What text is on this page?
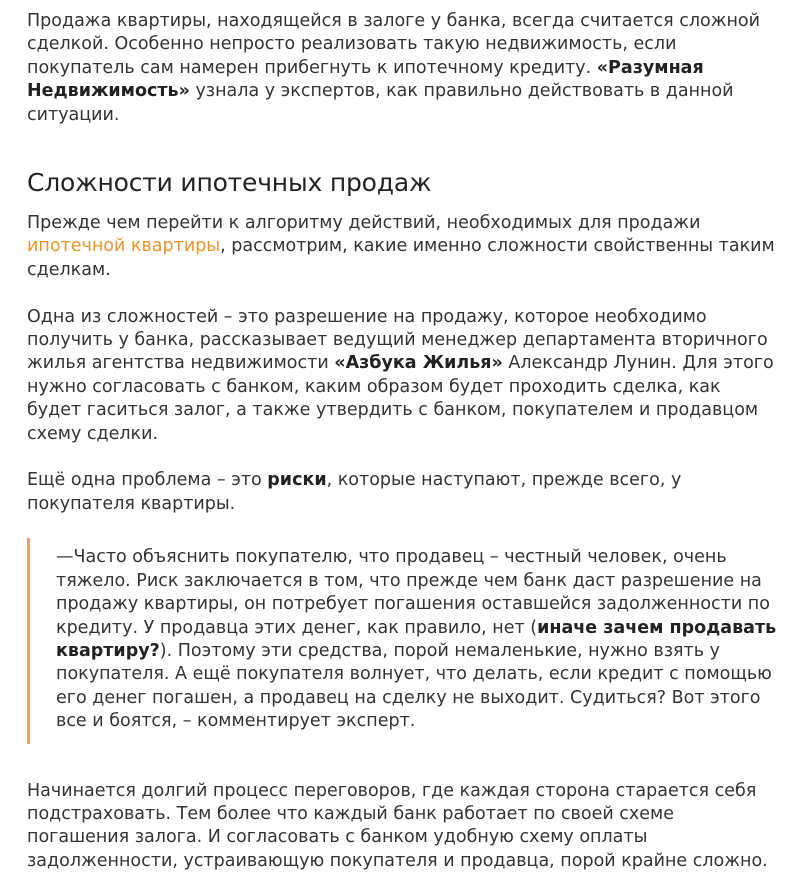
Продажа квартиры, находящейся в залоге у банка, всегда считается сложной сделкой. Особенно непросто реализовать такую недвижимость, если покупатель сам намерен прибегнуть к ипотечному кредиту. «Разумная Недвижимость» узнала у экспертов, как правильно действовать в данной ситуации.

Сложности ипотечных продаж

Прежде чем перейти к алгоритму действий, необходимых для продажи ипотечной квартиры, рассмотрим, какие именно сложности свойственны таким сделкам.

Одна из сложностей – это разрешение на продажу, которое необходимо получить у банка, рассказывает ведущий менеджер департамента вторичного жилья агентства недвижимости «Азбука Жилья» Александр Лунин. Для этого нужно согласовать с банком, каким образом будет проходить сделка, как будет гаситься залог, а также утвердить с банком, покупателем и продавцом схему сделки.

Ещё одна проблема – это риски, которые наступают, прежде всего, у покупателя квартиры.

—Часто объяснить покупателю, что продавец – честный человек, очень тяжело. Риск заключается в том, что прежде чем банк даст разрешение на продажу квартиры, он потребует погашения оставшейся задолженности по кредиту. У продавца этих денег, как правило, нет (иначе зачем продавать квартиру?). Поэтому эти средства, порой немаленькие, нужно взять у покупателя. А ещё покупателя волнует, что делать, если кредит с помощью его денег погашен, а продавец на сделку не выходит. Судиться? Вот этого все и боятся, – комментирует эксперт.

Начинается долгий процесс переговоров, где каждая сторона старается себя подстраховать. Тем более что каждый банк работает по своей схеме погашения залога. И согласовать с банком удобную схему оплаты задолженности, устраивающую покупателя и продавца, порой крайне сложно.
